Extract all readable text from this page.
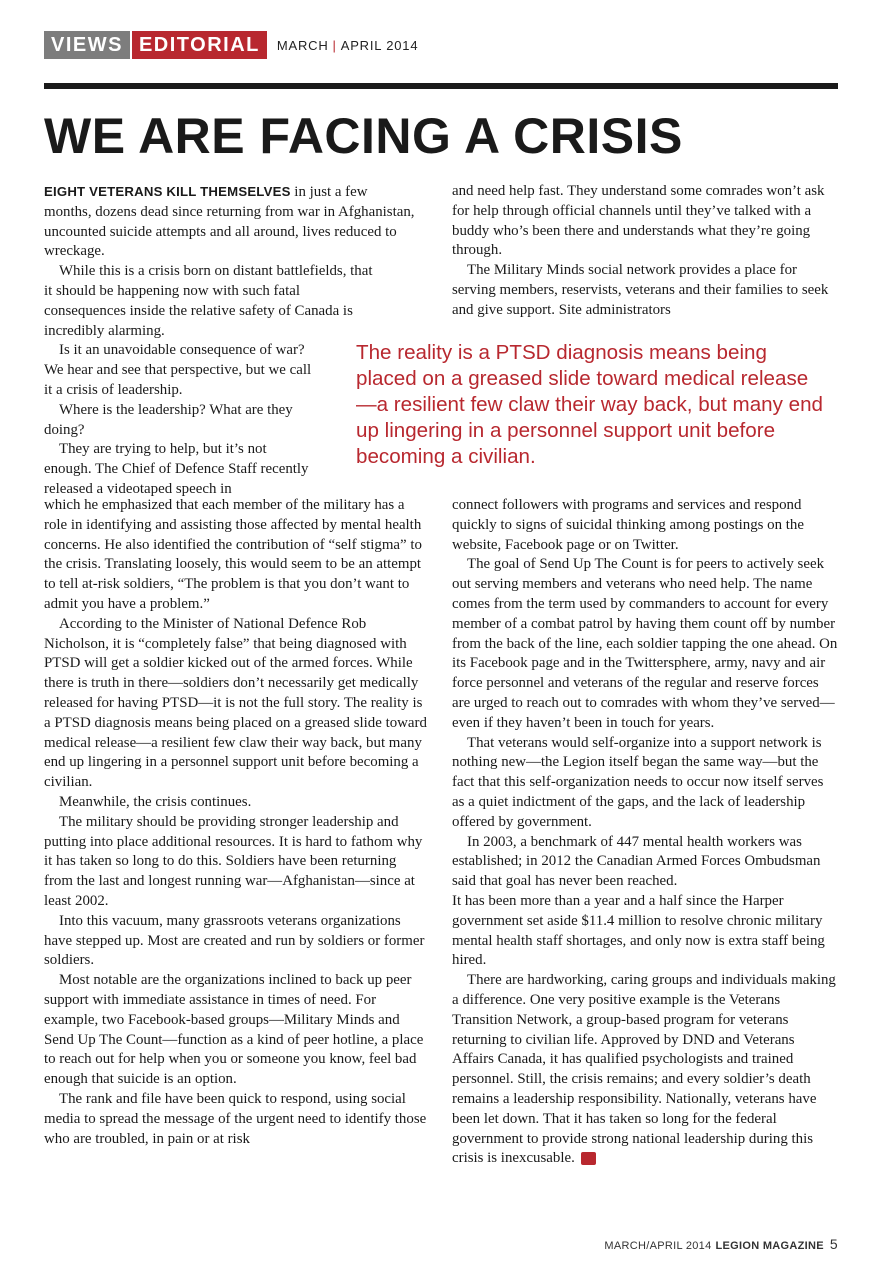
VIEWS EDITORIAL	MARCH | APRIL 2014
WE ARE FACING A CRISIS

EIGHT VETERANS KILL THEMSELVES in just a few months, dozens dead since returning from war in Afghanistan, uncounted suicide attempts and all around, lives reduced to wreckage.

While this is a crisis born on distant battlefields, that it should be happening now with such fatal consequences inside the relative safety of Canada is incredibly alarming.

Is it an unavoidable consequence of war? We hear and see that perspective, but we call it a crisis of leadership.

Where is the leadership? What are they doing?

They are trying to help, but it’s not enough. The Chief of Defence Staff recently released a videotaped speech in

which he emphasized that each member of the military has a role in identifying and assisting those affected by mental health concerns. He also identified the contribution of “self stigma” to the crisis. Translating loosely, this would seem to be an attempt to tell at-risk soldiers, “The problem is that you don’t want to admit you have a problem.”

According to the Minister of National Defence Rob Nicholson, it is “completely false” that being diagnosed with PTSD will get a soldier kicked out of the armed forces. While there is truth in there—soldiers don’t necessarily get medically released for having PTSD—it is not the full story. The reality is a PTSD diagnosis means being placed on a greased slide toward medical release—a resilient few claw their way back, but many end up lingering in a personnel support unit before becoming a civilian.

Meanwhile, the crisis continues.

The military should be providing stronger leadership and putting into place additional resources. It is hard to fathom why it has taken so long to do this. Soldiers have been returning from the last and longest running war—Afghanistan—since at least 2002.

Into this vacuum, many grassroots veterans organizations have stepped up. Most are created and run by soldiers or former soldiers.

Most notable are the organizations inclined to back up peer support with immediate assistance in times of need. For example, two Facebook-based groups—Military Minds and Send Up The Count—function as a kind of peer hotline, a place to reach out for help when you or someone you know, feel bad enough that suicide is an option.

The rank and file have been quick to respond, using social media to spread the message of the urgent need to identify those who are troubled, in pain or at risk

and need help fast. They understand some comrades won’t ask for help through official channels until they’ve talked with a buddy who’s been there and understands what they’re going through.

The Military Minds social network provides a place for serving members, reservists, veterans and their families to seek and give support. Site administrators

The reality is a PTSD diagnosis means being placed on a greased slide toward medical release—a resilient few claw their way back, but many end up lingering in a personnel support unit before becoming a civilian.

connect followers with programs and services and respond quickly to signs of suicidal thinking among postings on the website, Facebook page or on Twitter.

The goal of Send Up The Count is for peers to actively seek out serving members and veterans who need help. The name comes from the term used by commanders to account for every member of a combat patrol by having them count off by number from the back of the line, each soldier tapping the one ahead. On its Facebook page and in the Twittersphere, army, navy and air force personnel and veterans of the regular and reserve forces are urged to reach out to comrades with whom they’ve served—even if they haven’t been in touch for years.

That veterans would self-organize into a support network is nothing new—the Legion itself began the same way—but the fact that this self-organization needs to occur now itself serves as a quiet indictment of the gaps, and the lack of leadership offered by government.

In 2003, a benchmark of 447 mental health workers was established; in 2012 the Canadian Armed Forces Ombudsman said that goal has never been reached.

It has been more than a year and a half since the Harper government set aside $11.4 million to resolve chronic military mental health staff shortages, and only now is extra staff being hired.

There are hardworking, caring groups and individuals making a difference. One very positive example is the Veterans Transition Network, a group-based program for veterans returning to civilian life. Approved by DND and Veterans Affairs Canada, it has qualified psychologists and trained personnel. Still, the crisis remains; and every soldier’s death remains a leadership responsibility. Nationally, veterans have been let down. That it has taken so long for the federal government to provide strong national leadership during this crisis is inexcusable.	LM

MARCH/APRIL 2014 LEGION MAGAZINE 5
